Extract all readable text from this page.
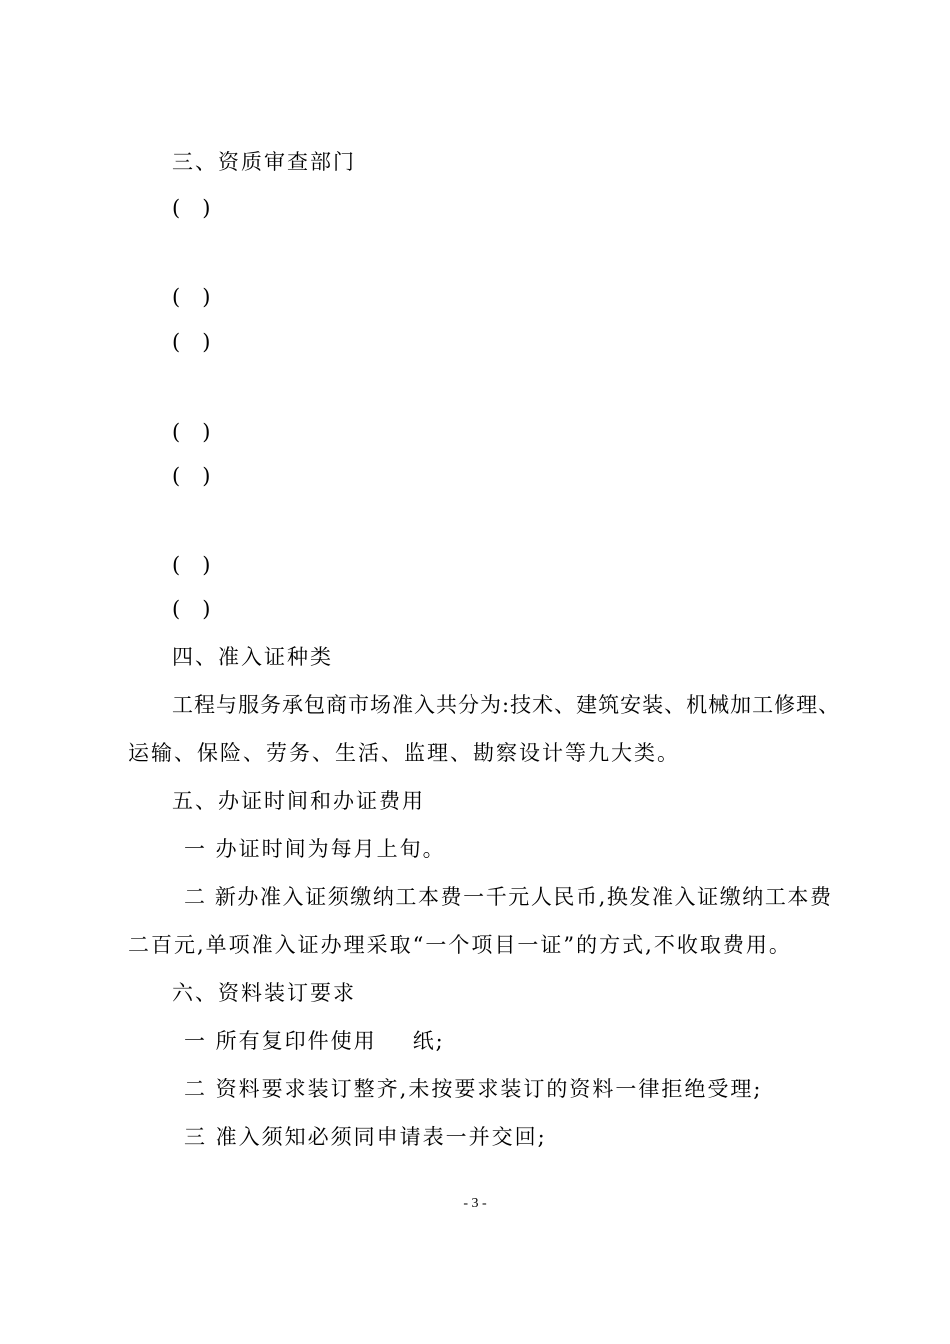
三、资质审查部门
( )
( )
( )
( )
( )
( )
( )
四、准入证种类
工程与服务承包商市场准入共分为:技术、建筑安装、机械加工修理、
运输、保险、劳务、生活、监理、勘察设计等九大类。
五、办证时间和办证费用
一 办证时间为每月上旬。
二 新办准入证须缴纳工本费一千元人民币,换发准入证缴纳工本费
二百元,单项准入证办理采取“一个项目一证”的方式,不收取费用。
六、资料装订要求
一 所有复印件使用 纸;
二 资料要求装订整齐,未按要求装订的资料一律拒绝受理;
三 准入须知必须同申请表一并交回;
- 3 -
